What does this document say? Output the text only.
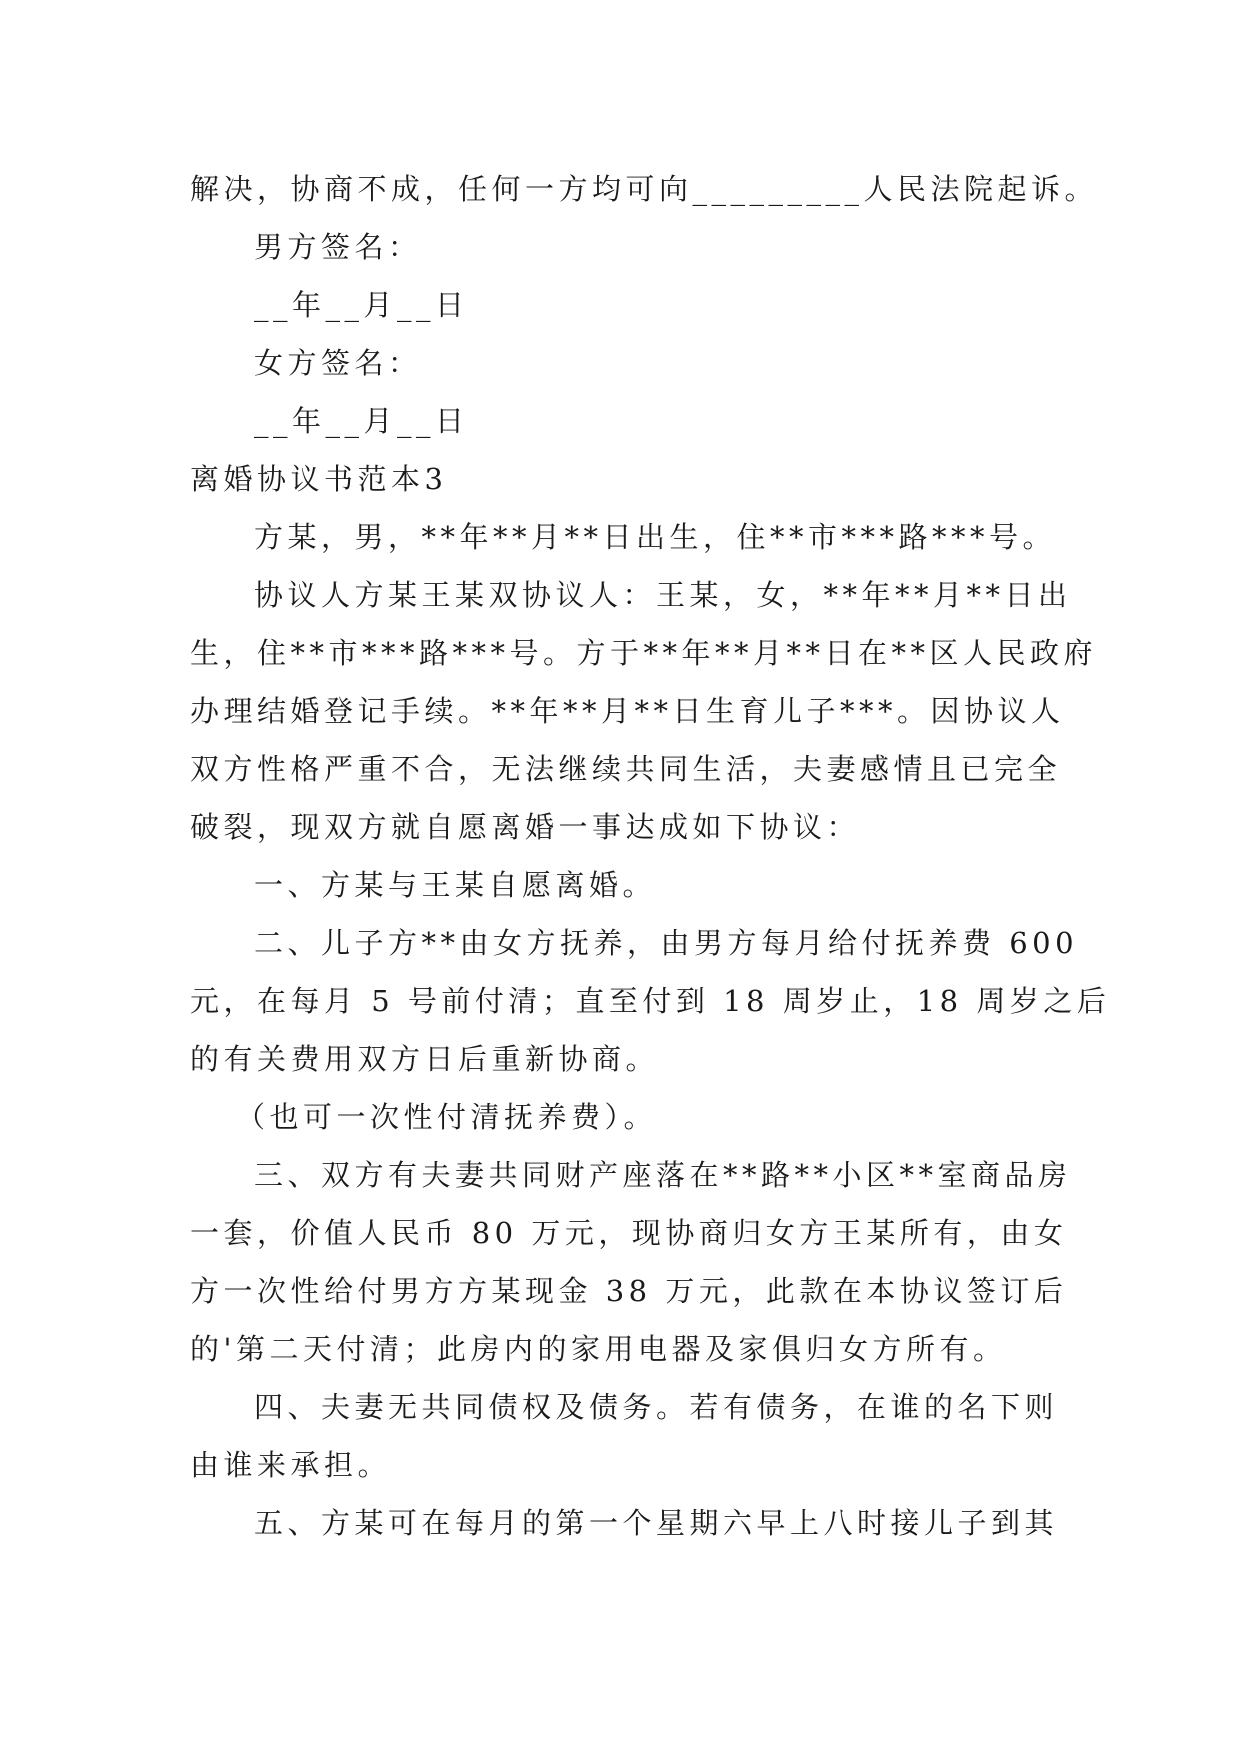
解决，协商不成，任何一方均可向_________人民法院起诉。
男方签名：
__年__月__日
女方签名：
__年__月__日
离婚协议书范本3
方某，男，**年**月**日出生，住**市***路***号。
协议人方某王某双协议人：王某，女，**年**月**日出
生，住**市***路***号。方于**年**月**日在**区人民政府
办理结婚登记手续。**年**月**日生育儿子***。因协议人
双方性格严重不合，无法继续共同生活，夫妻感情且已完全
破裂，现双方就自愿离婚一事达成如下协议：
一、方某与王某自愿离婚。
二、儿子方**由女方抚养，由男方每月给付抚养费 600
元，在每月 5 号前付清；直至付到 18 周岁止，18 周岁之后
的有关费用双方日后重新协商。
（也可一次性付清抚养费）。
三、双方有夫妻共同财产座落在**路**小区**室商品房
一套，价值人民币 80 万元，现协商归女方王某所有，由女
方一次性给付男方方某现金 38 万元，此款在本协议签订后
的'第二天付清；此房内的家用电器及家俱归女方所有。
四、夫妻无共同债权及债务。若有债务，在谁的名下则
由谁来承担。
五、方某可在每月的第一个星期六早上八时接儿子到其
